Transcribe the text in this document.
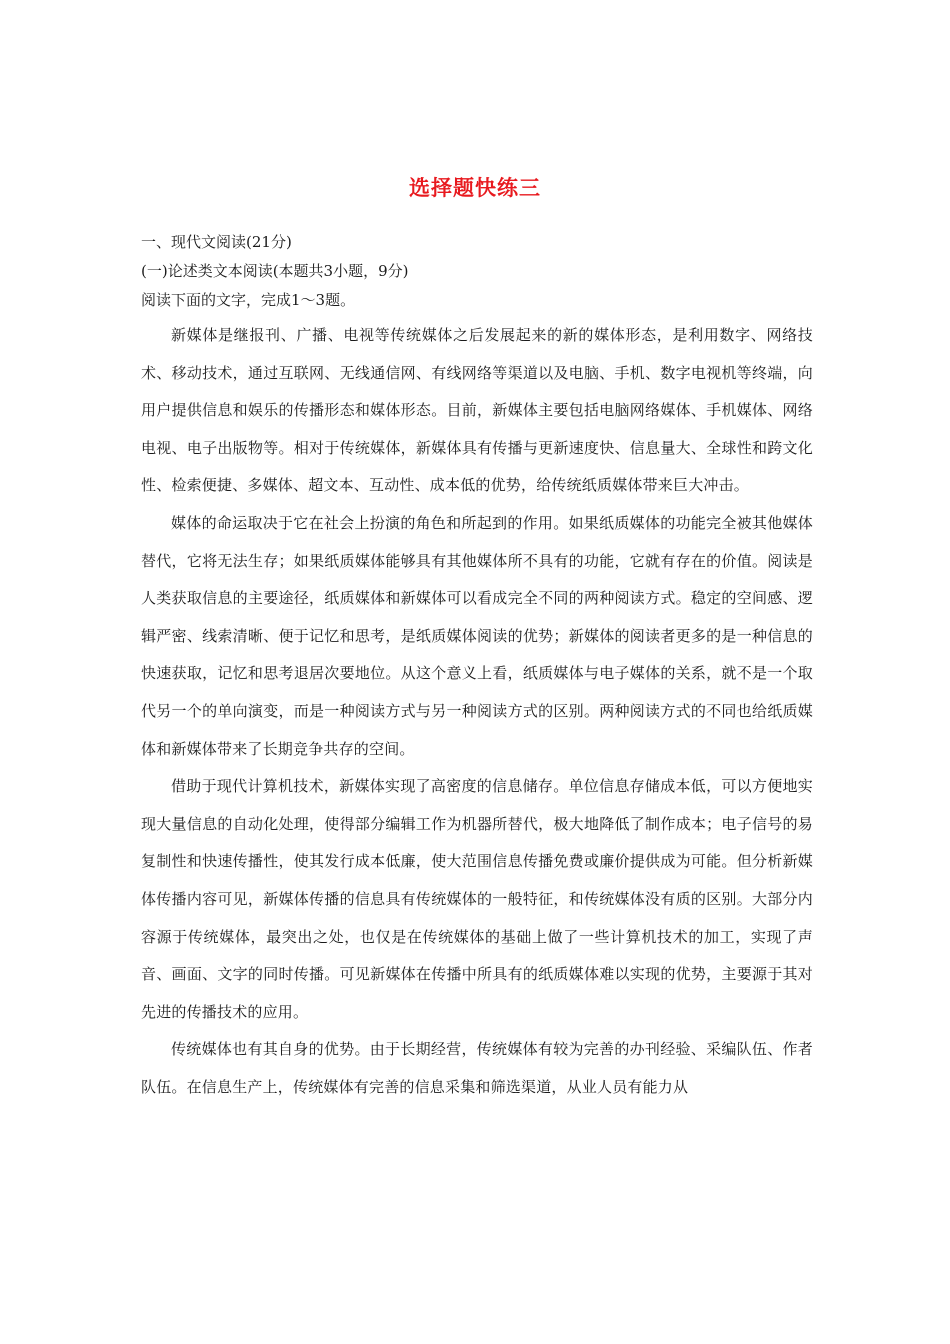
选择题快练三

一、现代文阅读(21分)

(一)论述类文本阅读(本题共3小题，9分)

阅读下面的文字，完成1～3题。

新媒体是继报刊、广播、电视等传统媒体之后发展起来的新的媒体形态，是利用数字、网络技术、移动技术，通过互联网、无线通信网、有线网络等渠道以及电脑、手机、数字电视机等终端，向用户提供信息和娱乐的传播形态和媒体形态。目前，新媒体主要包括电脑网络媒体、手机媒体、网络电视、电子出版物等。相对于传统媒体，新媒体具有传播与更新速度快、信息量大、全球性和跨文化性、检索便捷、多媒体、超文本、互动性、成本低的优势，给传统纸质媒体带来巨大冲击。

媒体的命运取决于它在社会上扮演的角色和所起到的作用。如果纸质媒体的功能完全被其他媒体替代，它将无法生存；如果纸质媒体能够具有其他媒体所不具有的功能，它就有存在的价值。阅读是人类获取信息的主要途径，纸质媒体和新媒体可以看成完全不同的两种阅读方式。稳定的空间感、逻辑严密、线索清晰、便于记忆和思考，是纸质媒体阅读的优势；新媒体的阅读者更多的是一种信息的快速获取，记忆和思考退居次要地位。从这个意义上看，纸质媒体与电子媒体的关系，就不是一个取代另一个的单向演变，而是一种阅读方式与另一种阅读方式的区别。两种阅读方式的不同也给纸质媒体和新媒体带来了长期竞争共存的空间。

借助于现代计算机技术，新媒体实现了高密度的信息储存。单位信息存储成本低，可以方便地实现大量信息的自动化处理，使得部分编辑工作为机器所替代，极大地降低了制作成本；电子信号的易复制性和快速传播性，使其发行成本低廉，使大范围信息传播免费或廉价提供成为可能。但分析新媒体传播内容可见，新媒体传播的信息具有传统媒体的一般特征，和传统媒体没有质的区别。大部分内容源于传统媒体，最突出之处，也仅是在传统媒体的基础上做了一些计算机技术的加工，实现了声音、画面、文字的同时传播。可见新媒体在传播中所具有的纸质媒体难以实现的优势，主要源于其对先进的传播技术的应用。

传统媒体也有其自身的优势。由于长期经营，传统媒体有较为完善的办刊经验、采编队伍、作者队伍。在信息生产上，传统媒体有完善的信息采集和筛选渠道，从业人员有能力从
